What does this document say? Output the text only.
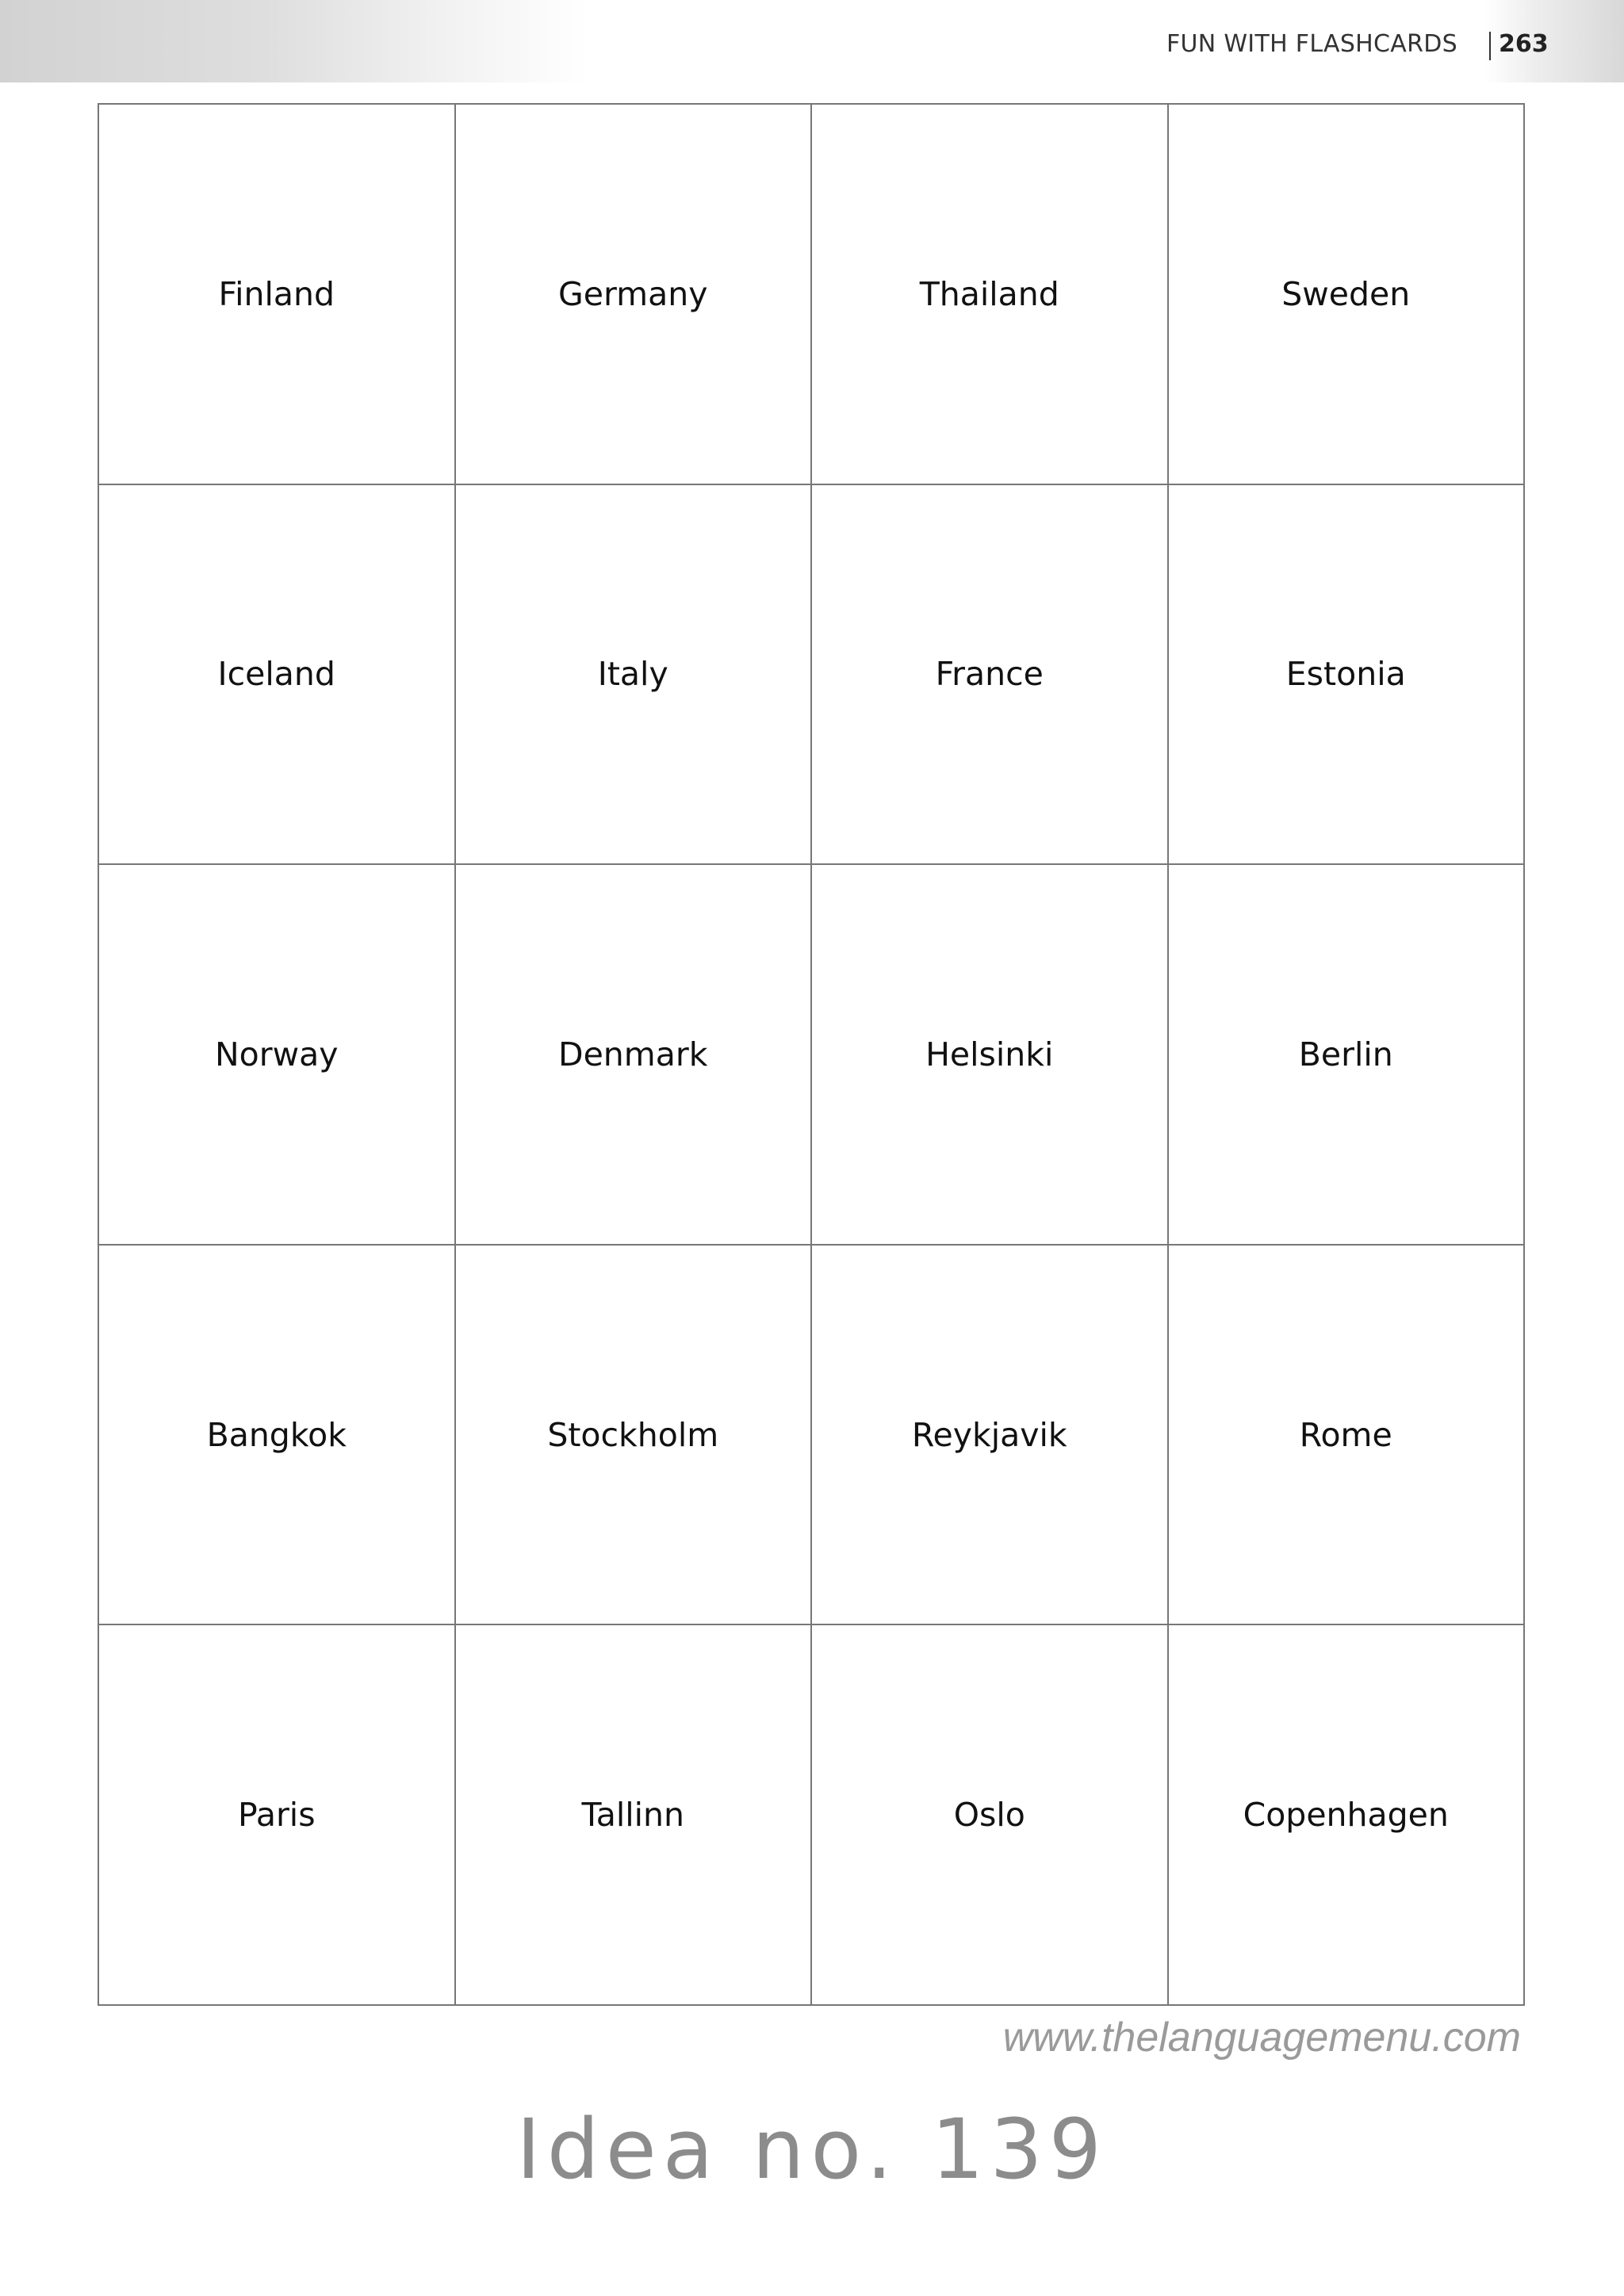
FUN WITH FLASHCARDS 263
Finland	Germany	Thailand	Sweden
Iceland	Italy	France	Estonia
Norway	Denmark	Helsinki	Berlin
Bangkok	Stockholm	Reykjavik	Rome
Paris	Tallinn	Oslo	Copenhagen
www.thelanguagemenu.com
Idea no. 139
